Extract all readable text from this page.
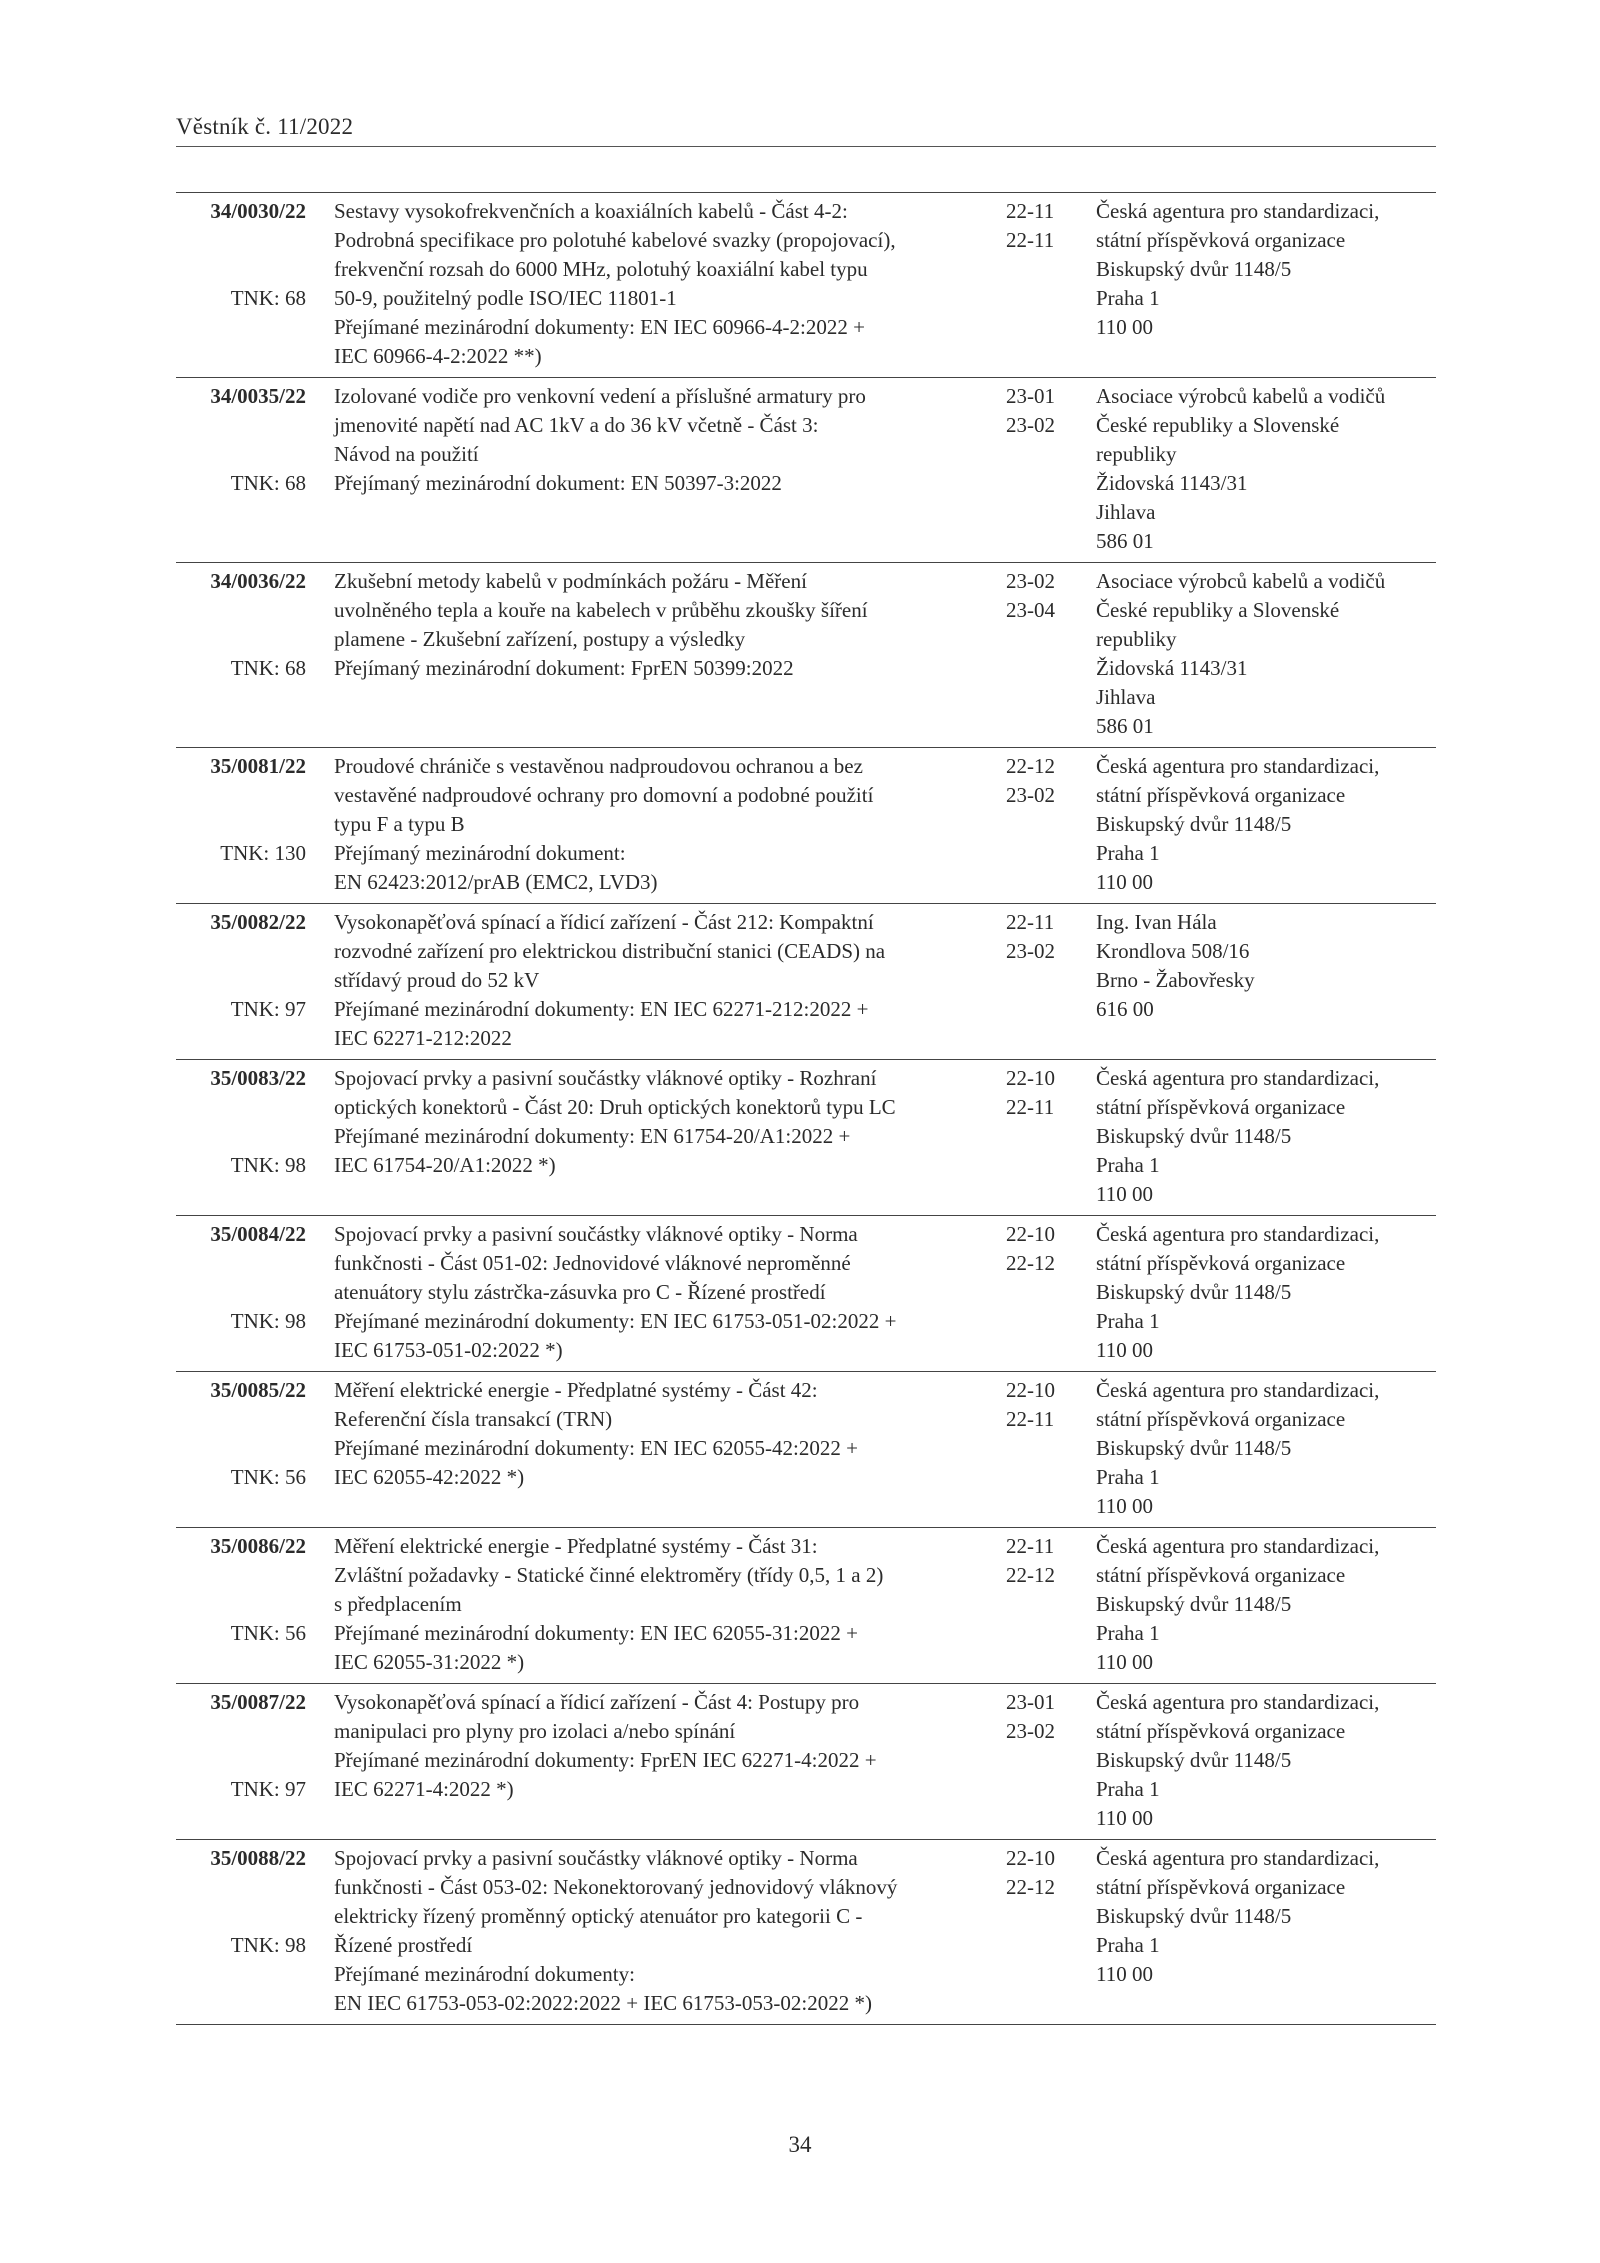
Věstník č. 11/2022
34/0030/22
TNK: 68
Sestavy vysokofrekvenčních a koaxiálních kabelů - Část 4-2:
Podrobná specifikace pro polotuhé kabelové svazky (propojovací),
frekvenční rozsah do 6000 MHz, polotuhý koaxiální kabel typu
50-9, použitelný podle ISO/IEC 11801-1
Přejímané mezinárodní dokumenty: EN IEC 60966-4-2:2022 +
IEC 60966-4-2:2022 **)
22-11
22-11
Česká agentura pro standardizaci,
státní příspěvková organizace
Biskupský dvůr 1148/5
Praha 1
110 00
34/0035/22
TNK: 68
Izolované vodiče pro venkovní vedení a příslušné armatury pro
jmenovité napětí nad AC 1kV a do 36 kV včetně - Část 3:
Návod na použití
Přejímaný mezinárodní dokument: EN 50397-3:2022
23-01
23-02
Asociace výrobců kabelů a vodičů
České republiky a Slovenské
republiky
Židovská 1143/31
Jihlava
586 01
34/0036/22
TNK: 68
Zkušební metody kabelů v podmínkách požáru - Měření
uvolněného tepla a kouře na kabelech v průběhu zkoušky šíření
plamene - Zkušební zařízení, postupy a výsledky
Přejímaný mezinárodní dokument: FprEN 50399:2022
23-02
23-04
Asociace výrobců kabelů a vodičů
České republiky a Slovenské
republiky
Židovská 1143/31
Jihlava
586 01
35/0081/22
TNK: 130
Proudové chrániče s vestavěnou nadproudovou ochranou a bez
vestavěné nadproudové ochrany pro domovní a podobné použití
typu F a typu B
Přejímaný mezinárodní dokument:
EN 62423:2012/prAB (EMC2, LVD3)
22-12
23-02
Česká agentura pro standardizaci,
státní příspěvková organizace
Biskupský dvůr 1148/5
Praha 1
110 00
35/0082/22
TNK: 97
Vysokonapěťová spínací a řídicí zařízení - Část 212: Kompaktní
rozvodné zařízení pro elektrickou distribuční stanici (CEADS) na
střídavý proud do 52 kV
Přejímané mezinárodní dokumenty: EN IEC 62271-212:2022 +
IEC 62271-212:2022
22-11
23-02
Ing. Ivan Hála
Krondlova 508/16
Brno - Žabovřesky
616 00
35/0083/22
TNK: 98
Spojovací prvky a pasivní součástky vláknové optiky - Rozhraní
optických konektorů - Část 20: Druh optických konektorů typu LC
Přejímané mezinárodní dokumenty: EN 61754-20/A1:2022 +
IEC 61754-20/A1:2022 *)
22-10
22-11
Česká agentura pro standardizaci,
státní příspěvková organizace
Biskupský dvůr 1148/5
Praha 1
110 00
35/0084/22
TNK: 98
Spojovací prvky a pasivní součástky vláknové optiky - Norma
funkčnosti - Část 051-02: Jednovidové vláknové neproměnné
atenuátory stylu zástrčka-zásuvka pro C - Řízené prostředí
Přejímané mezinárodní dokumenty: EN IEC 61753-051-02:2022 +
IEC 61753-051-02:2022 *)
22-10
22-12
Česká agentura pro standardizaci,
státní příspěvková organizace
Biskupský dvůr 1148/5
Praha 1
110 00
35/0085/22
TNK: 56
Měření elektrické energie - Předplatné systémy - Část 42:
Referenční čísla transakcí (TRN)
Přejímané mezinárodní dokumenty: EN IEC 62055-42:2022 +
IEC 62055-42:2022 *)
22-10
22-11
Česká agentura pro standardizaci,
státní příspěvková organizace
Biskupský dvůr 1148/5
Praha 1
110 00
35/0086/22
TNK: 56
Měření elektrické energie - Předplatné systémy - Část 31:
Zvláštní požadavky - Statické činné elektroměry (třídy 0,5, 1 a 2)
s předplacením
Přejímané mezinárodní dokumenty: EN IEC 62055-31:2022 +
IEC 62055-31:2022 *)
22-11
22-12
Česká agentura pro standardizaci,
státní příspěvková organizace
Biskupský dvůr 1148/5
Praha 1
110 00
35/0087/22
TNK: 97
Vysokonapěťová spínací a řídicí zařízení - Část 4: Postupy pro
manipulaci pro plyny pro izolaci a/nebo spínání
Přejímané mezinárodní dokumenty: FprEN IEC 62271-4:2022 +
IEC 62271-4:2022 *)
23-01
23-02
Česká agentura pro standardizaci,
státní příspěvková organizace
Biskupský dvůr 1148/5
Praha 1
110 00
35/0088/22
TNK: 98
Spojovací prvky a pasivní součástky vláknové optiky - Norma
funkčnosti - Část 053-02: Nekonektorovaný jednovidový vláknový
elektricky řízený proměnný optický atenuátor pro kategorii C -
Řízené prostředí
Přejímané mezinárodní dokumenty:
EN IEC 61753-053-02:2022:2022 + IEC 61753-053-02:2022 *)
22-10
22-12
Česká agentura pro standardizaci,
státní příspěvková organizace
Biskupský dvůr 1148/5
Praha 1
110 00
34
